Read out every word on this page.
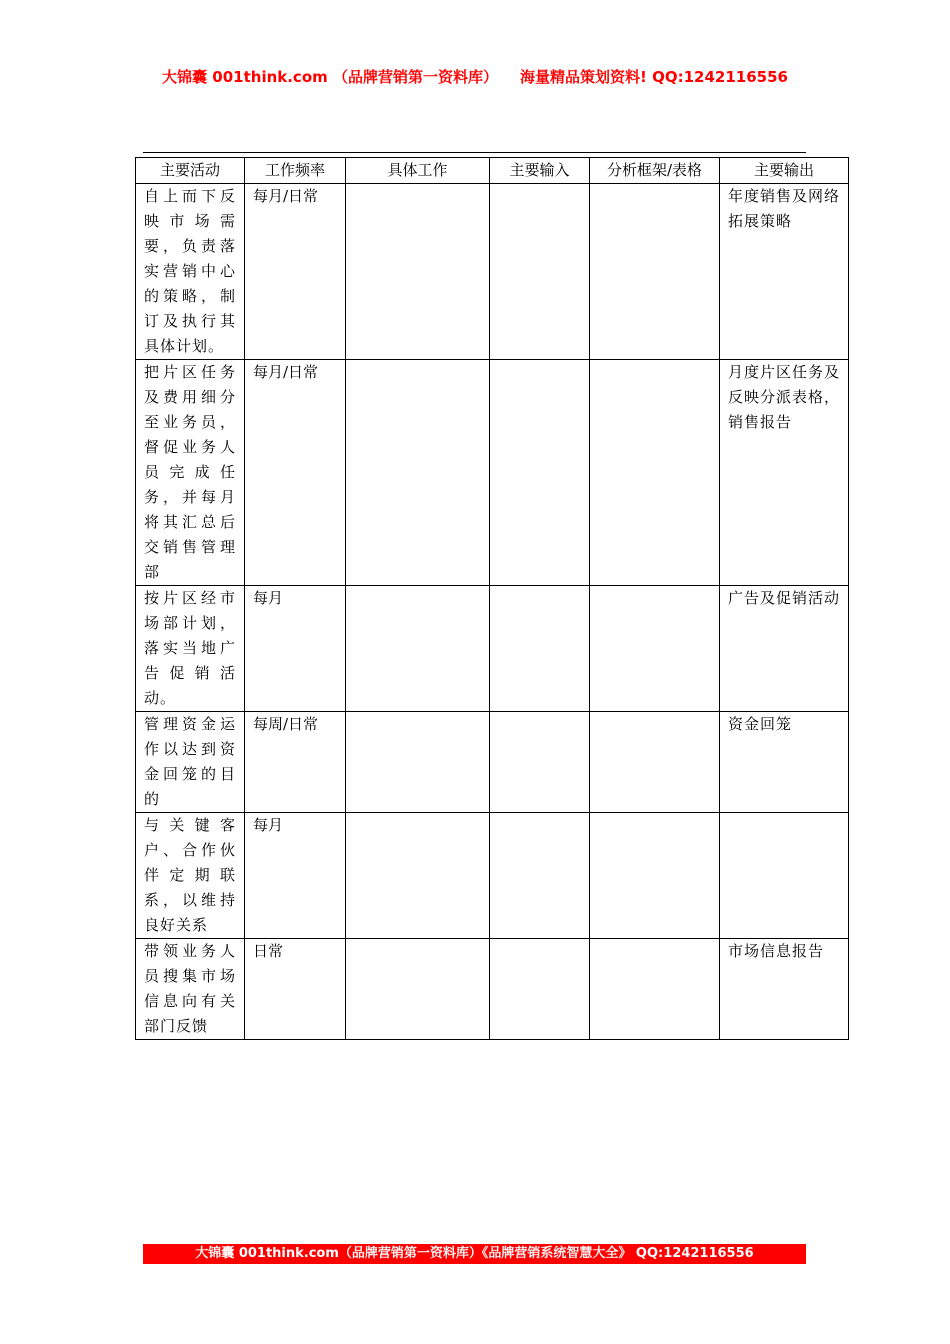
大锦囊 001think.com （品牌营销第一资料库） 海量精品策划资料! QQ:1242116556
主要活动	工作频率	具体工作	主要输入	分析框架/表格	主要输出
自上而下反映市场需要，负责落实营销中心的策略，制订及执行其具体计划。	每月/日常				年度销售及网络拓展策略
把片区任务及费用细分至业务员，督促业务人员完成任务，并每月将其汇总后交销售管理部	每月/日常				月度片区任务及反映分派表格，销售报告
按片区经市场部计划，落实当地广告促销活动。	每月				广告及促销活动
管理资金运作以达到资金回笼的目的	每周/日常				资金回笼
与关键客户、合作伙伴定期联系，以维持良好关系	每月				
带领业务人员搜集市场信息向有关部门反馈	日常				市场信息报告
大锦囊 001think.com（品牌营销第一资料库）《品牌营销系统智慧大全》 QQ:1242116556
